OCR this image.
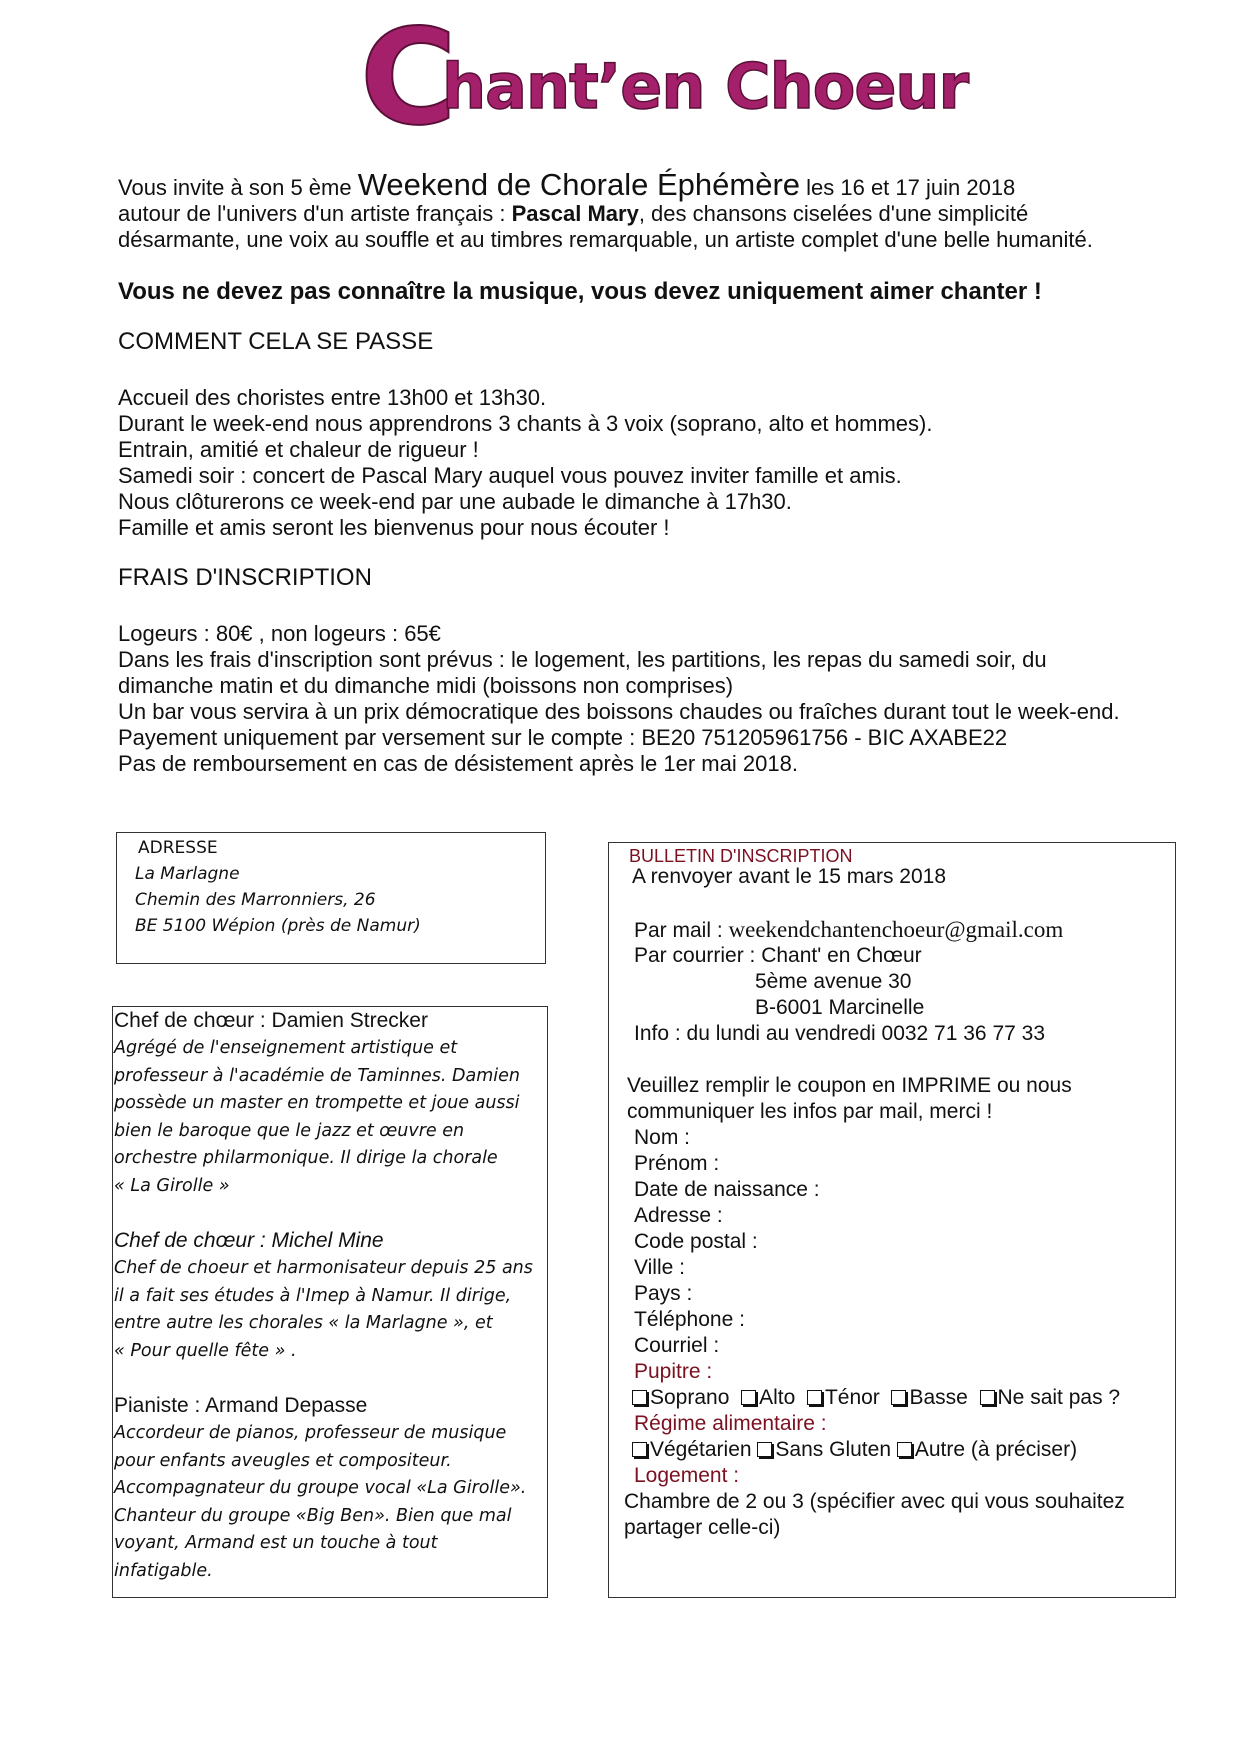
C
hant’en Choeur

Vous invite à son 5 ème Weekend de Chorale Éphémère les 16 et 17 juin 2018

autour de l'univers d'un artiste français : Pascal Mary, des chansons ciselées d'une simplicité

désarmante, une voix au souffle et au timbres remarquable, un artiste complet d'une belle humanité.

Vous ne devez pas connaître la musique, vous devez uniquement aimer chanter !

COMMENT CELA SE PASSE

Accueil des choristes entre 13h00 et 13h30.

Durant le week-end nous apprendrons 3 chants à 3 voix (soprano, alto et hommes).

Entrain, amitié et chaleur de rigueur !

Samedi soir : concert de Pascal Mary auquel vous pouvez inviter famille et amis.

Nous clôturerons ce week-end par une aubade le dimanche à 17h30.

Famille et amis seront les bienvenus pour nous écouter !

FRAIS D'INSCRIPTION

Logeurs : 80€ , non logeurs : 65€

Dans les frais d'inscription sont prévus : le logement, les partitions, les repas du samedi soir, du

dimanche matin et du dimanche midi (boissons non comprises)

Un bar vous servira à un prix démocratique des boissons chaudes ou fraîches durant tout le week-end.

Payement uniquement par versement sur le compte : BE20 751205961756 - BIC AXABE22

Pas de remboursement en cas de désistement après le 1er mai 2018.

ADRESSE
La Marlagne
Chemin des Marronniers, 26
BE 5100 Wépion (près de Namur)
Chef de chœur : Damien Strecker
Agrégé de l'enseignement artistique et
professeur à l'académie de Taminnes. Damien
possède un master en trompette et joue aussi
bien le baroque que le jazz et œuvre en
orchestre philarmonique. Il dirige la chorale
« La Girolle »
Chef de chœur : Michel Mine
Chef de choeur et harmonisateur depuis 25 ans
il a fait ses études à l'Imep à Namur. Il dirige,
entre autre les chorales « la Marlagne », et
« Pour quelle fête » .
Pianiste : Armand Depasse
Accordeur de pianos, professeur de musique
pour enfants aveugles et compositeur.
Accompagnateur du groupe vocal «La Girolle».
Chanteur du groupe «Big Ben». Bien que mal
voyant, Armand est un touche à tout
infatigable.
BULLETIN D'INSCRIPTION
A renvoyer avant le 15 mars 2018
Par mail : weekendchantenchoeur@gmail.com
Par courrier : Chant' en Chœur
5ème avenue 30
B-6001 Marcinelle
Info : du lundi au vendredi 0032 71 36 77 33
Veuillez remplir le coupon en IMPRIME ou nous
communiquer les infos par mail, merci !
Nom :
Prénom :
Date de naissance :
Adresse :
Code postal :
Ville :
Pays :
Téléphone :
Courriel :
Pupitre :
Soprano Alto Ténor Basse Ne sait pas ?
Régime alimentaire :
Végétarien Sans Gluten Autre (à préciser)
Logement :
Chambre de 2 ou 3 (spécifier avec qui vous souhaitez
partager celle-ci)
